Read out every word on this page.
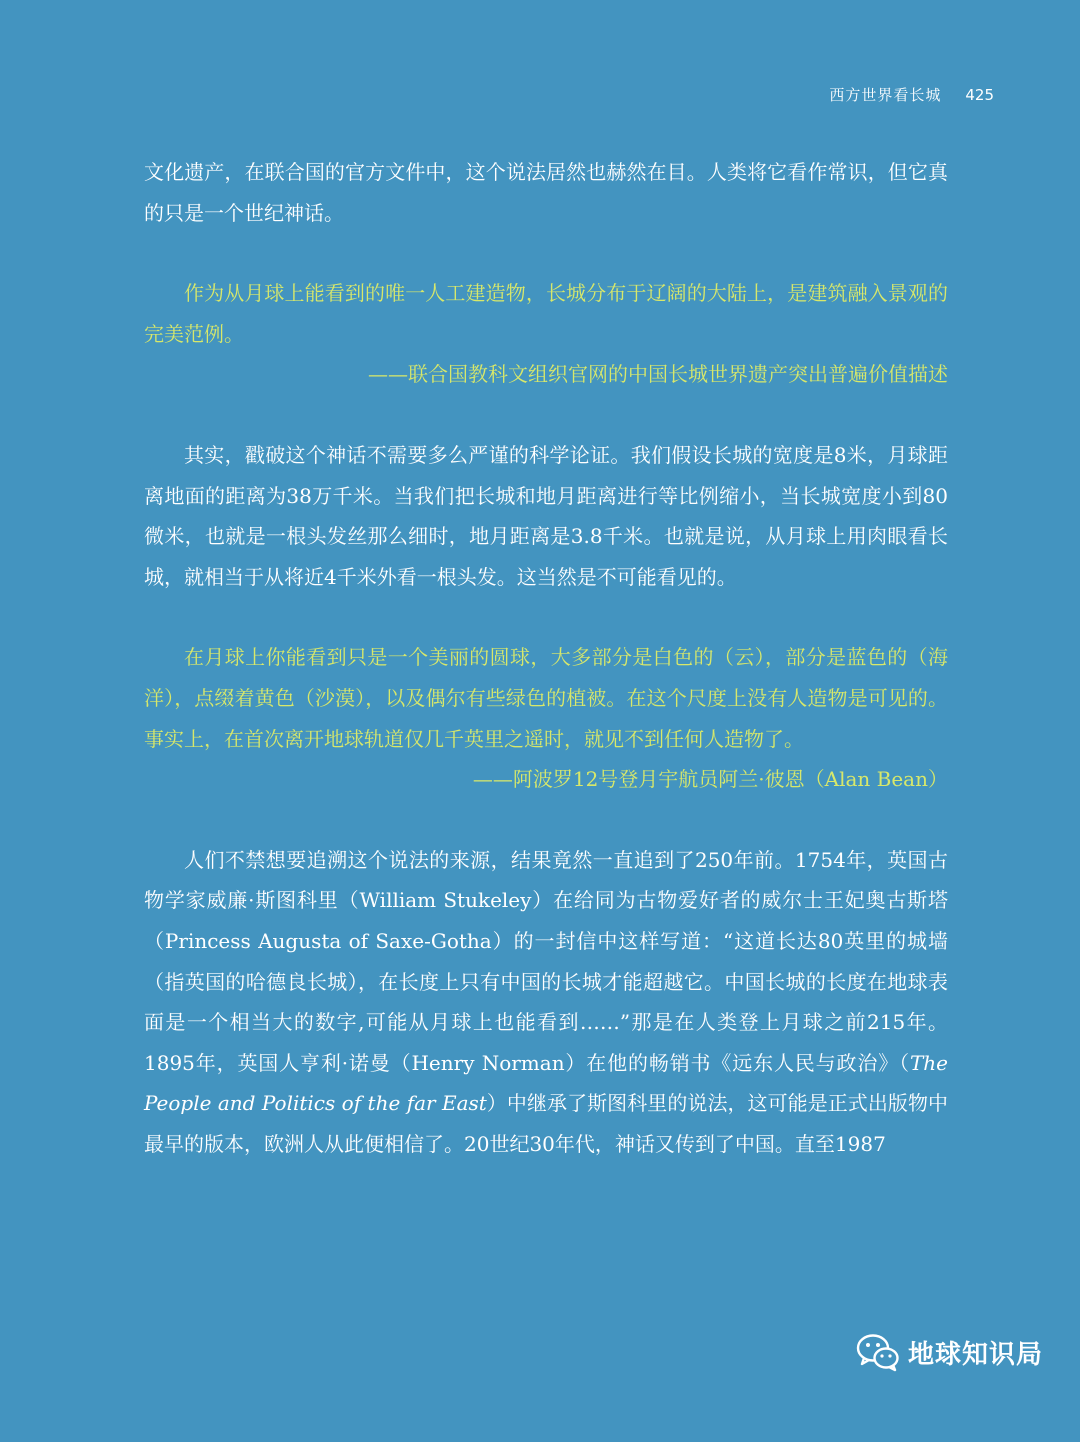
西方世界看长城 425

文化遗产，在联合国的官方文件中，这个说法居然也赫然在目。人类将它看作常识，但它真的只是一个世纪神话。

作为从月球上能看到的唯一人工建造物，长城分布于辽阔的大陆上，是建筑融入景观的完美范例。

——联合国教科文组织官网的中国长城世界遗产突出普遍价值描述

其实，戳破这个神话不需要多么严谨的科学论证。我们假设长城的宽度是8米，月球距离地面的距离为38万千米。当我们把长城和地月距离进行等比例缩小，当长城宽度小到80微米，也就是一根头发丝那么细时，地月距离是3.8千米。也就是说，从月球上用肉眼看长城，就相当于从将近4千米外看一根头发。这当然是不可能看见的。

在月球上你能看到只是一个美丽的圆球，大多部分是白色的（云），部分是蓝色的（海洋），点缀着黄色（沙漠），以及偶尔有些绿色的植被。在这个尺度上没有人造物是可见的。事实上，在首次离开地球轨道仅几千英里之遥时，就见不到任何人造物了。

——阿波罗12号登月宇航员阿兰·彼恩（Alan Bean）

人们不禁想要追溯这个说法的来源，结果竟然一直追到了250年前。1754年，英国古物学家威廉·斯图科里（William Stukeley）在给同为古物爱好者的威尔士王妃奥古斯塔（Princess Augusta of Saxe-Gotha）的一封信中这样写道：“这道长达80英里的城墙（指英国的哈德良长城），在长度上只有中国的长城才能超越它。中国长城的长度在地球表面是一个相当大的数字,可能从月球上也能看到……”那是在人类登上月球之前215年。1895年，英国人亨利·诺曼（Henry Norman）在他的畅销书《远东人民与政治》（The People and Politics of the far East）中继承了斯图科里的说法，这可能是正式出版物中最早的版本，欧洲人从此便相信了。20世纪30年代，神话又传到了中国。直至1987

地球知识局
